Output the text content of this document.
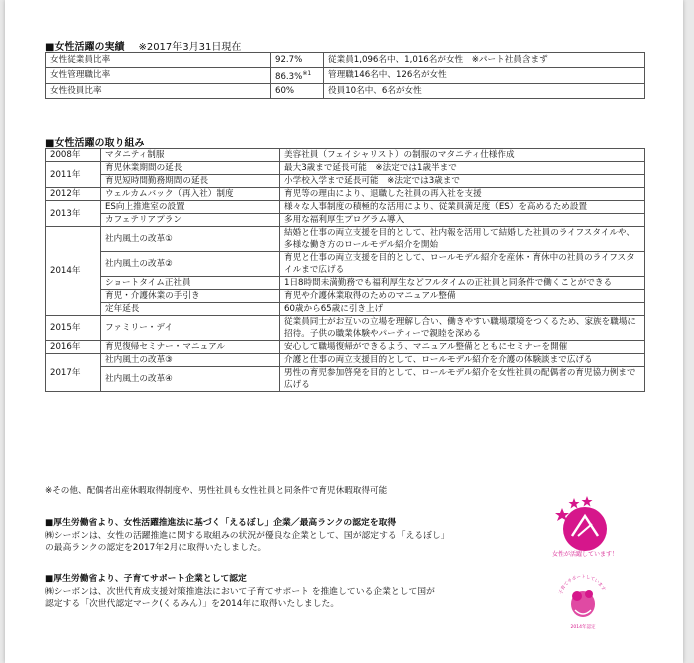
■女性活躍の実績 ※2017年3月31日現在
女性従業員比率	92.7%	従業員1,096名中、1,016名が女性　※パート社員含まず
女性管理職比率	86.3%$^{※1}$	管理職146名中、126名が女性
女性役員比率	60%	役員10名中、6名が女性
■女性活躍の取り組み
2008年	マタニティ制服	美容社員（フェイシャリスト）の制服のマタニティ仕様作成
2011年	育児休業期間の延長	最大3歳まで延長可能　※法定では1歳半まで
	育児短時間勤務期間の延長	小学校入学まで延長可能　※法定では3歳まで
2012年	ウェルカムバック（再入社）制度	育児等の理由により、退職した社員の再入社を支援
2013年	ES向上推進室の設置	様々な人事制度の積極的な活用により、従業員満足度（ES）を高めるため設置
	カフェテリアプラン	多用な福利厚生プログラム導入
2014年	社内風土の改革①	結婚と仕事の両立支援を目的として、社内報を活用して結婚した社員のライフスタイルや、多様な働き方のロールモデル紹介を開始
	社内風土の改革②	育児と仕事の両立支援を目的として、ロールモデル紹介を産休・育休中の社員のライフスタイルまで広げる
	ショートタイム正社員	1日8時間未満勤務でも福利厚生などフルタイムの正社員と同条件で働くことができる
	育児・介護休業の手引き	育児や介護休業取得のためのマニュアル整備
	定年延長	60歳から65歳に引き上げ
2015年	ファミリー・デイ	従業員同士がお互いの立場を理解し合い、働きやすい職場環境をつくるため、家族を職場に招待。子供の職業体験やパーティーで親睦を深める
2016年	育児復帰セミナー・マニュアル	安心して職場復帰ができるよう、マニュアル整備とともにセミナーを開催
2017年	社内風土の改革③	介護と仕事の両立支援目的として、ロールモデル紹介を介護の体験談まで広げる
	社内風土の改革④	男性の育児参加啓発を目的として、ロールモデル紹介を女性社員の配偶者の育児協力例まで広げる
※その他、配偶者出産休暇取得制度や、男性社員も女性社員と同条件で育児休暇取得可能
■厚生労働省より、女性活躍推進法に基づく「えるぼし」企業／最高ランクの認定を取得
㈱シーボンは、女性の活躍推進に関する取組みの状況が優良な企業として、国が認定する「えるぼし」
の最高ランクの認定を2017年2月に取得いたしました。
女性が活躍しています！
■厚生労働省より、子育てサポート企業として認定
㈱シーボンは、次世代育成支援対策推進法において子育てサポート を推進している企業として国が
認定する「次世代認定マーク(くるみん）」を2014年に取得いたしました。
子育てサポートしています
2014年認定
